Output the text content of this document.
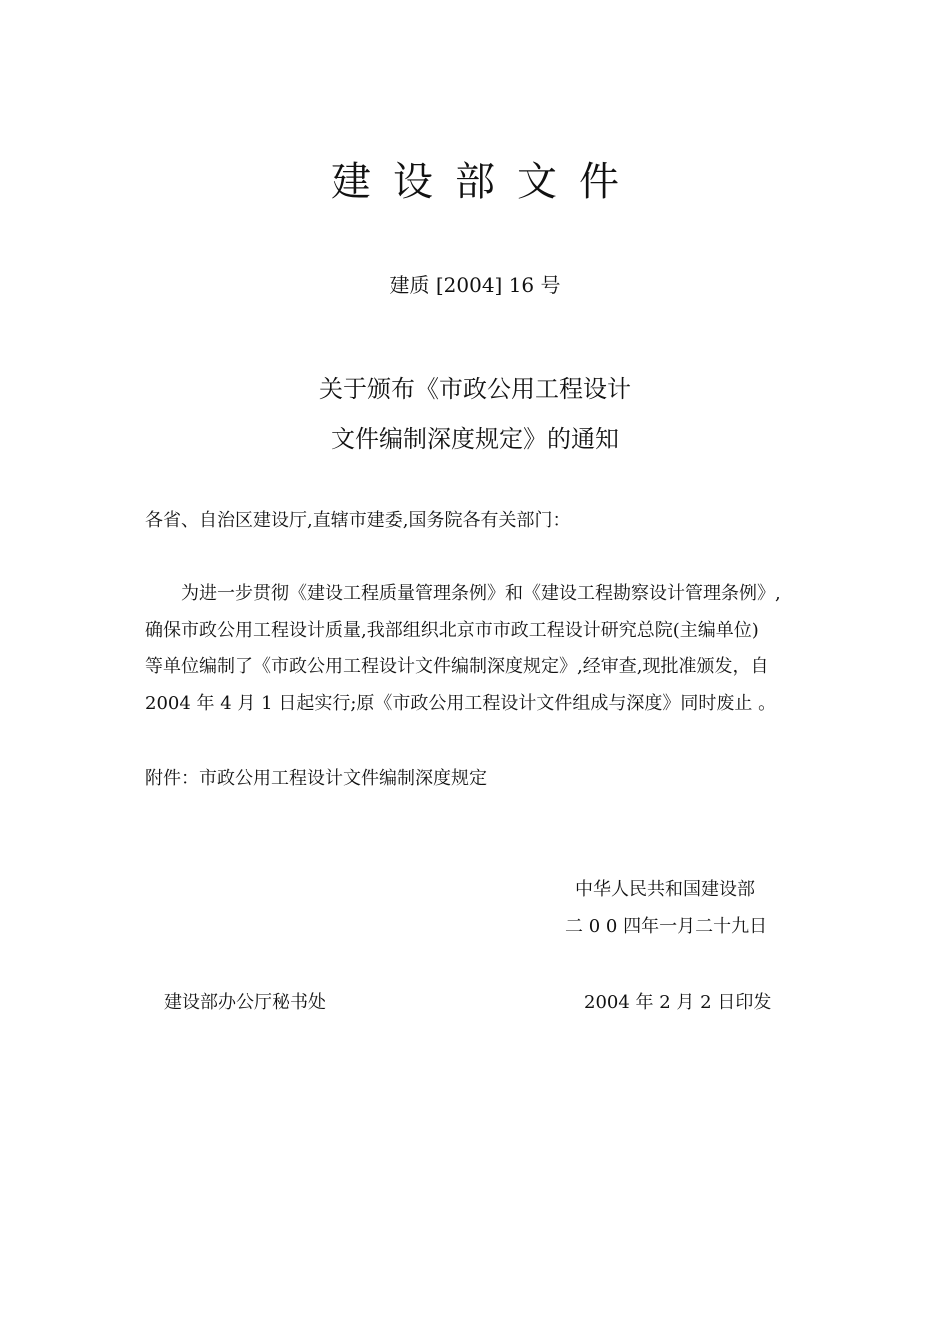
建设部文件
建质 [2004] 16 号
关于颁布《市政公用工程设计
文件编制深度规定》的通知
各省、自治区建设厅,直辖市建委,国务院各有关部门：
为进一步贯彻《建设工程质量管理条例》和《建设工程勘察设计管理条例》,
确保市政公用工程设计质量,我部组织北京市市政工程设计研究总院(主编单位)
等单位编制了《市政公用工程设计文件编制深度规定》,经审查,现批准颁发，自
2004 年 4 月 1 日起实行;原《市政公用工程设计文件组成与深度》同时废止 。
附件：市政公用工程设计文件编制深度规定
中华人民共和国建设部
二 0 0 四年一月二十九日
建设部办公厅秘书处	2004 年 2 月 2 日印发
